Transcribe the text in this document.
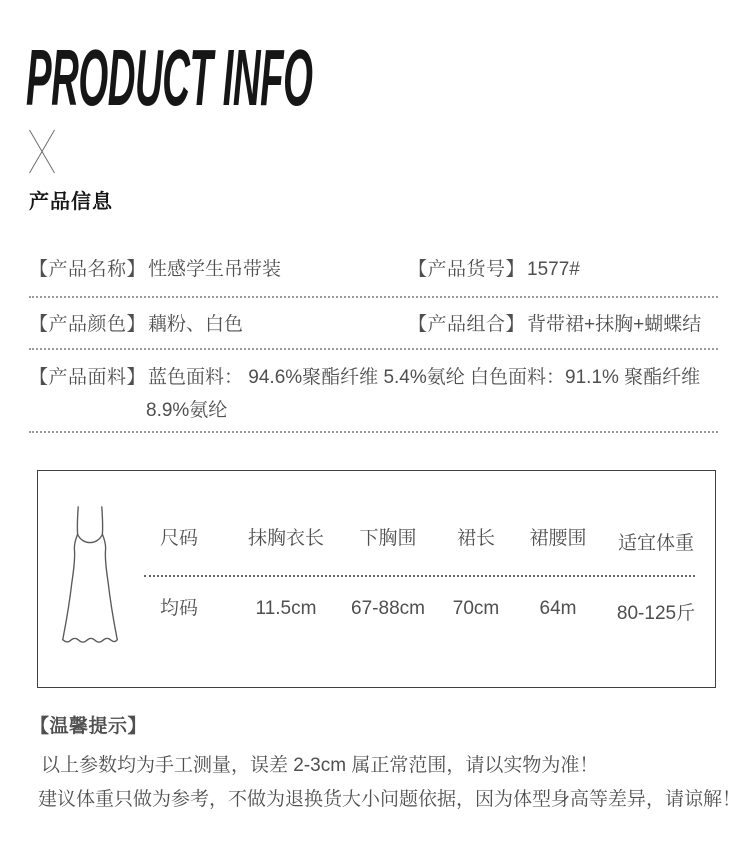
PRODUCT INFO
产品信息
【产品名称】 性感学生吊带装	【产品货号】 1577#
【产品颜色】 藕粉、白色	【产品组合】 背带裙+抹胸+蝴蝶结
【产品面料】 蓝色面料： 94.6%聚酯纤维 5.4%氨纶 白色面料：91.1% 聚酯纤维
8.9%氨纶
尺码	抹胸衣长 下胸围 裙长 裙腰围 适宜体重
均码	11.5cm 67-88cm 70cm 64m 80-125斤
【温馨提示】
以上参数均为手工测量，误差 2-3cm 属正常范围，请以实物为准！
建议体重只做为参考，不做为退换货大小问题依据，因为体型身高等差异，请谅解！
